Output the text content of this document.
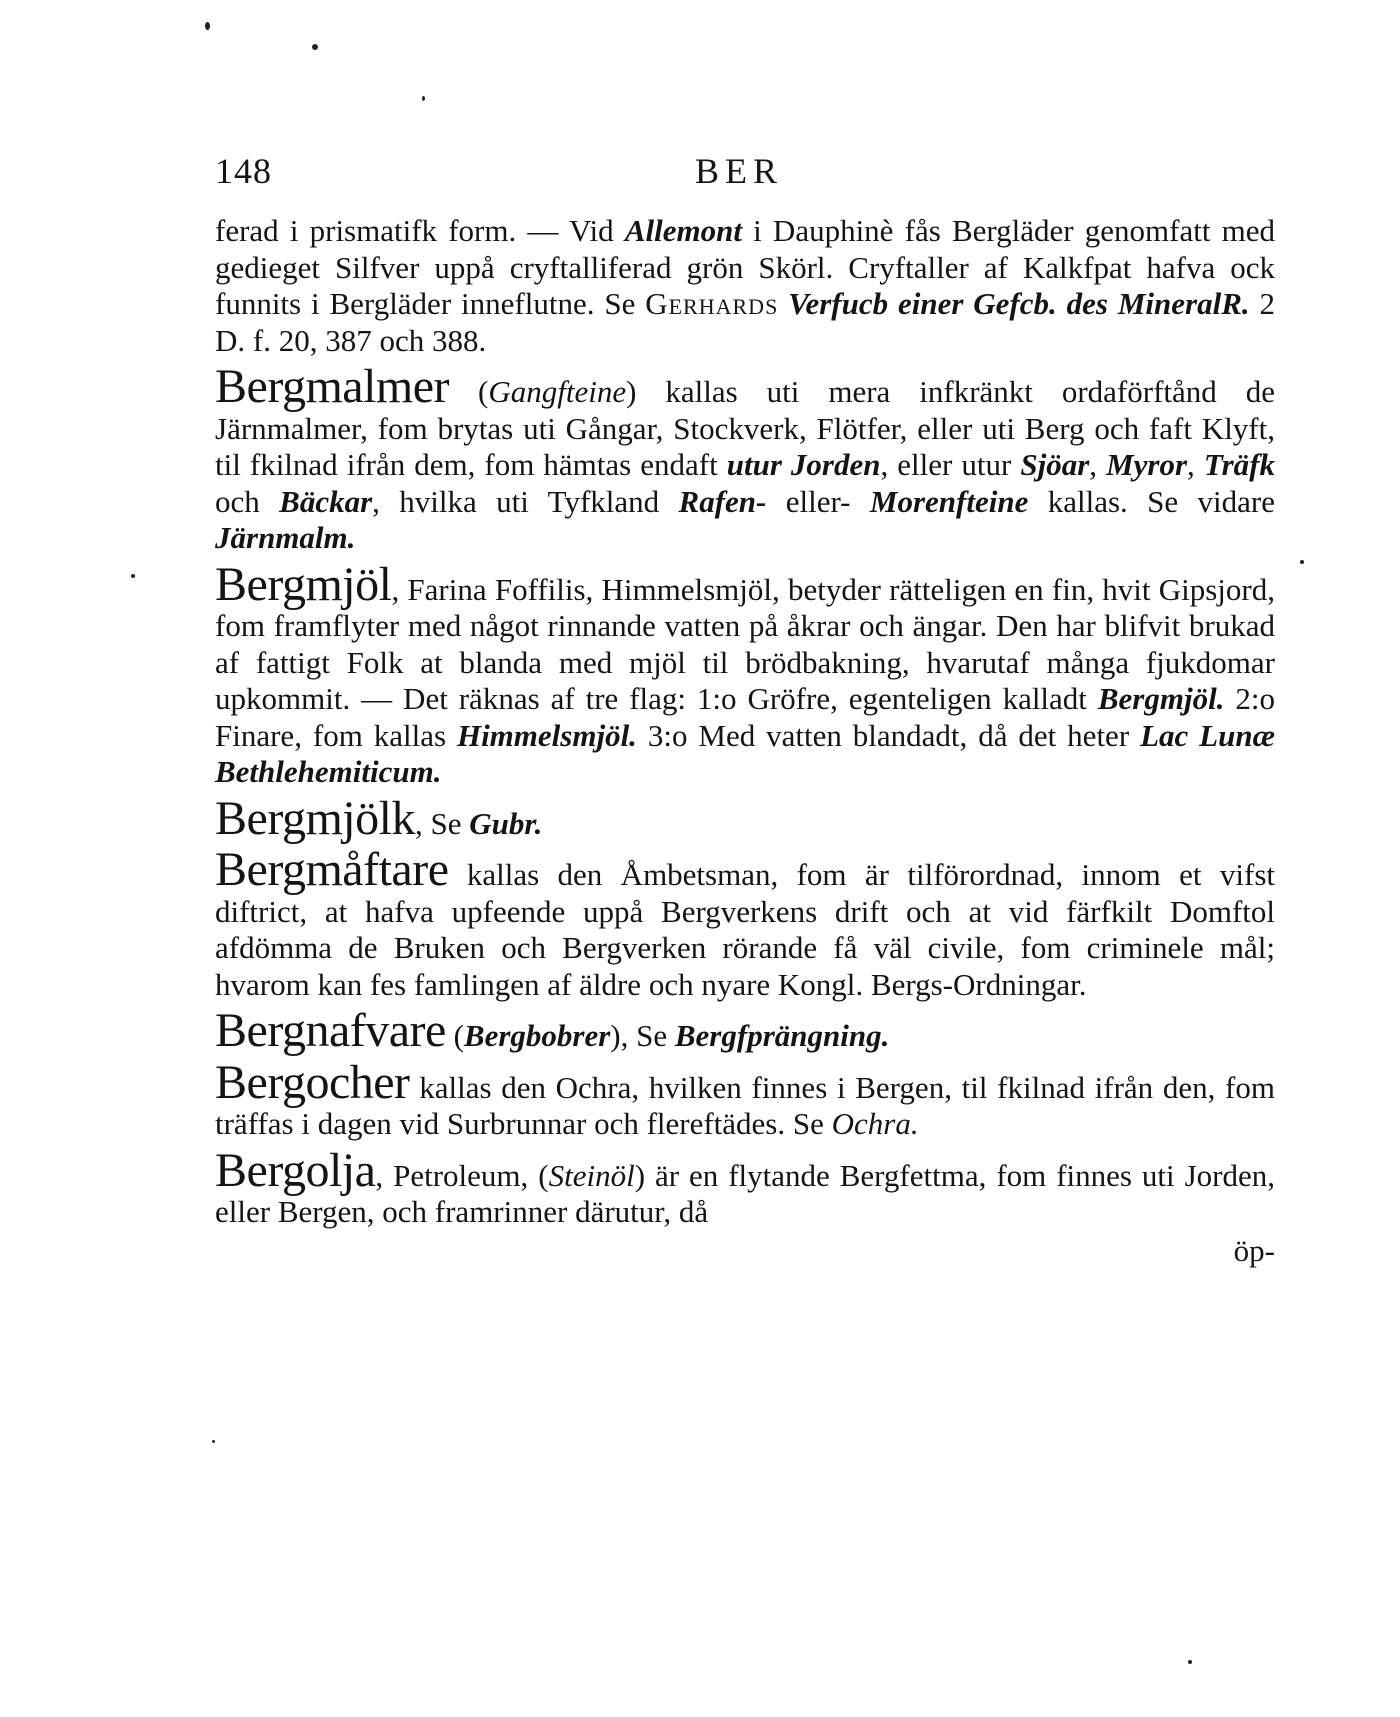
148	BER

ferad i prismatifk form. — Vid Allemont i Dauphinè fås Bergläder genomfatt med gedieget Silfver uppå cryftalliferad grön Skörl. Cryftaller af Kalkfpat hafva ock funnits i Bergläder inneflutne. Se Gerhards Verfucb einer Gefcb. des MineralR. 2 D. f. 20, 387 och 388.

Bergmalmer (Gangfteine) kallas uti mera infkränkt ordaförftånd de Järnmalmer, fom brytas uti Gångar, Stockverk, Flötfer, eller uti Berg och faft Klyft, til fkilnad ifrån dem, fom hämtas endaft utur Jorden, eller utur Sjöar, Myror, Träfk och Bäckar, hvilka uti Tyfkland Rafen- eller- Morenfteine kallas. Se vidare Järnmalm.

Bergmjöl, Farina Foffilis, Himmelsmjöl, betyder rätteligen en fin, hvit Gipsjord, fom framflyter med något rinnande vatten på åkrar och ängar. Den har blifvit brukad af fattigt Folk at blanda med mjöl til brödbakning, hvarutaf många fjukdomar upkommit. — Det räknas af tre flag: 1:o Gröfre, egenteligen kalladt Bergmjöl. 2:o Finare, fom kallas Himmelsmjöl. 3:o Med vatten blandadt, då det heter Lac Lunæ Bethlehemiticum.

Bergmjölk, Se Gubr.

Bergmåftare kallas den Åmbetsman, fom är tilförordnad, innom et vifst diftrict, at hafva upfeende uppå Bergverkens drift och at vid färfkilt Domftol afdömma de Bruken och Bergverken rörande få väl civile, fom criminele mål; hvarom kan fes famlingen af äldre och nyare Kongl. Bergs-Ordningar.

Bergnafvare (Bergbobrer), Se Bergfprängning.

Bergocher kallas den Ochra, hvilken finnes i Bergen, til fkilnad ifrån den, fom träffas i dagen vid Surbrunnar och flereftädes. Se Ochra.

Bergolja, Petroleum, (Steinöl) är en flytande Bergfettma, fom finnes uti Jorden, eller Bergen, och framrinner därutur, då

öp-
